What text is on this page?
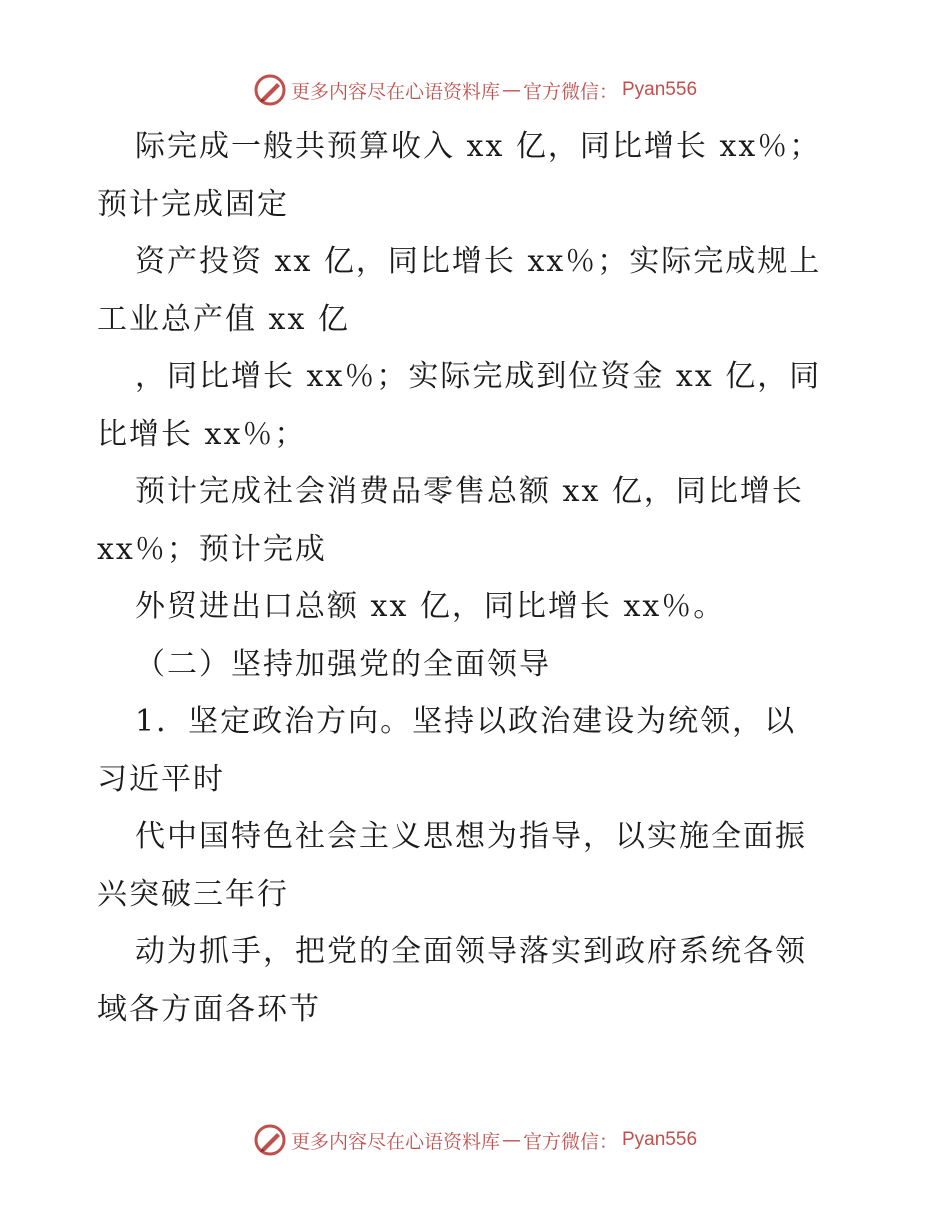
更多内容尽在心语资料库 — 官方微信： Pyan556
际完成一般共预算收入 xx 亿，同比增长 xx％；
预计完成固定
资产投资 xx 亿，同比增长 xx％；实际完成规上
工业总产值 xx 亿
，同比增长 xx％；实际完成到位资金 xx 亿，同
比增长 xx％；
预计完成社会消费品零售总额 xx 亿，同比增长
xx％；预计完成
外贸进出口总额 xx 亿，同比增长 xx％。
（二）坚持加强党的全面领导
1．坚定政治方向。坚持以政治建设为统领，以
习近平时
代中国特色社会主义思想为指导，以实施全面振
兴突破三年行
动为抓手，把党的全面领导落实到政府系统各领
域各方面各环节
更多内容尽在心语资料库 — 官方微信： Pyan556
